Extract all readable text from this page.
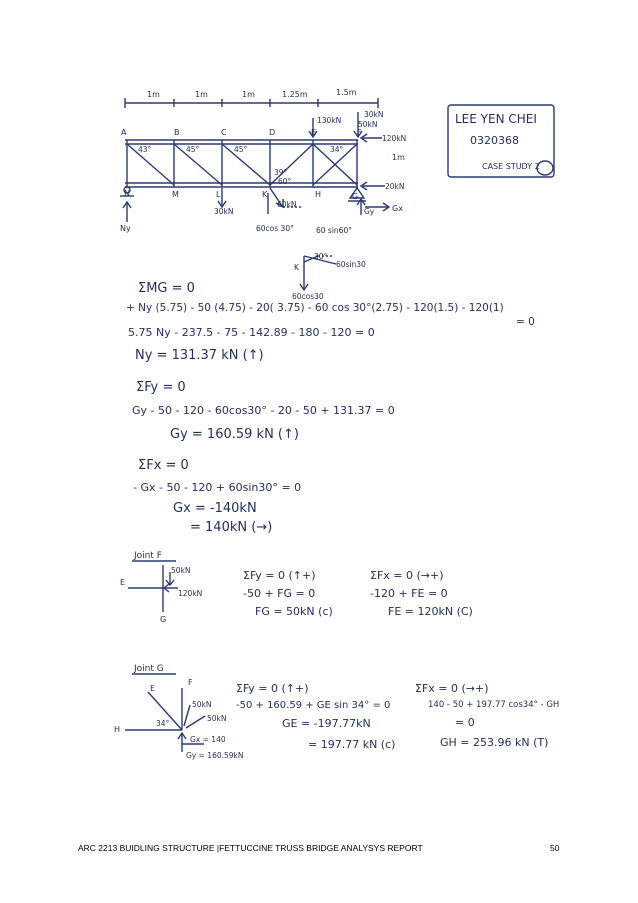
1m	1m	1m	1.25m	1.5m
1m
A	B	C	D	E	F
N	M	L	K	H	G
43°	45°	45°
39°
60°
34°
30kN
130kN 50kN
120kN
20kN
30kN
60kN
Gy
60cos 30°	60 sin60°
Ny
Gx
LEE YEN CHEI
0320368
CASE STUDY 2
K	60sin30
60cos30
30°
ΣMG = 0
+ Ny (5.75) - 50 (4.75) - 20( 3.75) - 60 cos 30°(2.75) - 120(1.5) - 120(1)
= 0
5.75 Ny - 237.5 - 75 - 142.89 - 180 - 120 = 0
Ny = 131.37 kN (↑)
ΣFy = 0
Gy - 50 - 120 - 60cos30° - 20 - 50 + 131.37 = 0
Gy = 160.59 kN (↑)
ΣFx = 0
- Gx - 50 - 120 + 60sin30° = 0
Gx = -140kN
= 140kN (→)
Joint F
50kN
120kN
E
G
ΣFy = 0 (↑+)
-50 + FG = 0
FG = 50kN (c)
ΣFx = 0 (→+)
-120 + FE = 0
FE = 120kN (C)
Joint G
E
F
H
34°
50kN
50kN
Gx = 140
Gy = 160.59kN
ΣFy = 0 (↑+)
-50 + 160.59 + GE sin 34° = 0
GE = -197.77kN
= 197.77 kN (c)
ΣFx = 0 (→+)
140 - 50 + 197.77 cos34° - GH
= 0
GH = 253.96 kN (T)
ARC 2213 BUIDLING STRUCTURE |FETTUCCINE TRUSS BRIDGE ANALYSYS REPORT	50
